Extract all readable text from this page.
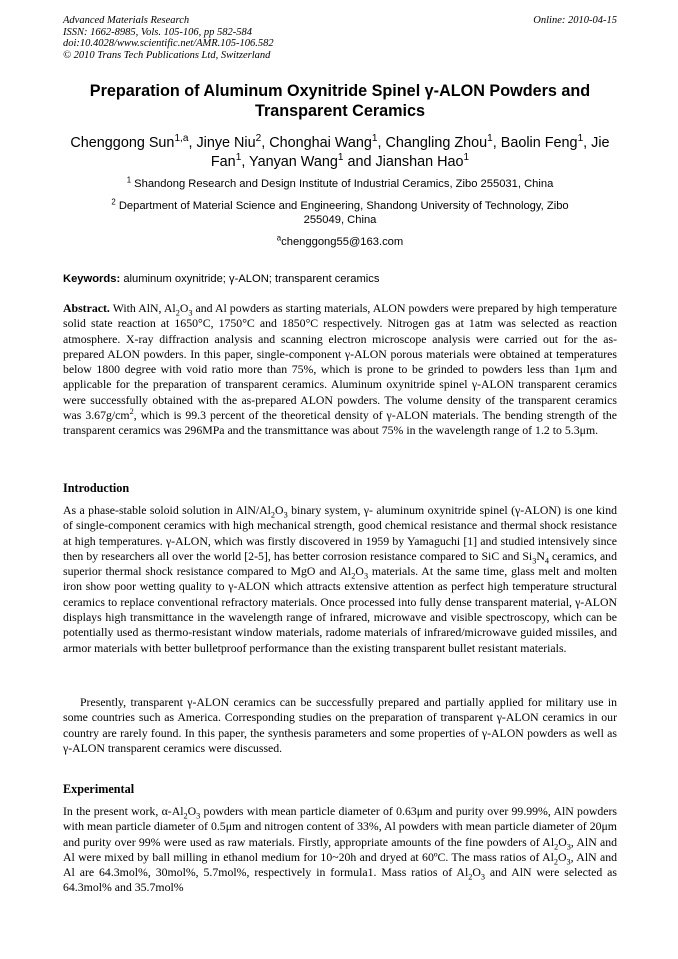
Advanced Materials Research
ISSN: 1662-8985, Vols. 105-106, pp 582-584
doi:10.4028/www.scientific.net/AMR.105-106.582
© 2010 Trans Tech Publications Ltd, Switzerland
Online: 2010-04-15
Preparation of Aluminum Oxynitride Spinel γ-ALON Powders and
Transparent Ceramics
Chenggong Sun$^{1,a}$, Jinye Niu$^2$, Chonghai Wang$^1$, Changling Zhou$^1$, Baolin Feng$^1$, Jie Fan$^1$, Yanyan Wang$^1$ and Jianshan Hao$^1$
$^1$ Shandong Research and Design Institute of Industrial Ceramics, Zibo 255031, China
$^2$ Department of Material Science and Engineering, Shandong University of Technology, Zibo
255049, China
$^a$chenggong55@163.com
Keywords: aluminum oxynitride; γ-ALON; transparent ceramics
Abstract. With AlN, $Al_2O_3$ and Al powders as starting materials, ALON powders were prepared by high temperature solid state reaction at 1650°C, 1750°C and 1850°C respectively. Nitrogen gas at 1atm was selected as reaction atmosphere. X-ray diffraction analysis and scanning electron microscope analysis were carried out for the as-prepared ALON powders. In this paper, single-component γ-ALON porous materials were obtained at temperatures below 1800 degree with void ratio more than 75%, which is prone to be grinded to powders less than 1μm and applicable for the preparation of transparent ceramics. Aluminum oxynitride spinel γ-ALON transparent ceramics were successfully obtained with the as-prepared ALON powders. The volume density of the transparent ceramics was $3.67g/cm^2$, which is 99.3 percent of the theoretical density of γ-ALON materials. The bending strength of the transparent ceramics was 296MPa and the transmittance was about 75% in the wavelength range of 1.2 to 5.3μm.
Introduction
As a phase-stable soloid solution in AlN/$Al_2O_3$ binary system, γ- aluminum oxynitride spinel (γ-ALON) is one kind of single-component ceramics with high mechanical strength, good chemical resistance and thermal shock resistance at high temperatures. γ-ALON, which was firstly discovered in 1959 by Yamaguchi [1] and studied intensively since then by researchers all over the world [2-5], has better corrosion resistance compared to SiC and $Si_3N_4$ ceramics, and superior thermal shock resistance compared to MgO and $Al_2O_3$ materials. At the same time, glass melt and molten iron show poor wetting quality to γ-ALON which attracts extensive attention as perfect high temperature structural ceramics to replace conventional refractory materials. Once processed into fully dense transparent material, γ-ALON displays high transmittance in the wavelength range of infrared, microwave and visible spectroscopy, which can be potentially used as thermo-resistant window materials, radome materials of infrared/microwave guided missiles, and armor materials with better bulletproof performance than the existing transparent bullet resistant materials.
Presently, transparent γ-ALON ceramics can be successfully prepared and partially applied for military use in some countries such as America. Corresponding studies on the preparation of transparent γ-ALON ceramics in our country are rarely found. In this paper, the synthesis parameters and some properties of γ-ALON powders as well as γ-ALON transparent ceramics were discussed.
Experimental
In the present work, $\alpha-Al_2O_3$ powders with mean particle diameter of 0.63μm and purity over 99.99%, AlN powders with mean particle diameter of 0.5μm and nitrogen content of 33%, Al powders with mean particle diameter of 20μm and purity over 99% were used as raw materials. Firstly, appropriate amounts of the fine powders of $Al_2O_3$, AlN and Al were mixed by ball milling in ethanol medium for 10~20h and dryed at 60ºC. The mass ratios of $Al_2O_3$, AlN and Al are 64.3mol%, 30mol%, 5.7mol%, respectively in formula1. Mass ratios of $Al_2O_3$ and AlN were selected as 64.3mol% and 35.7mol%
